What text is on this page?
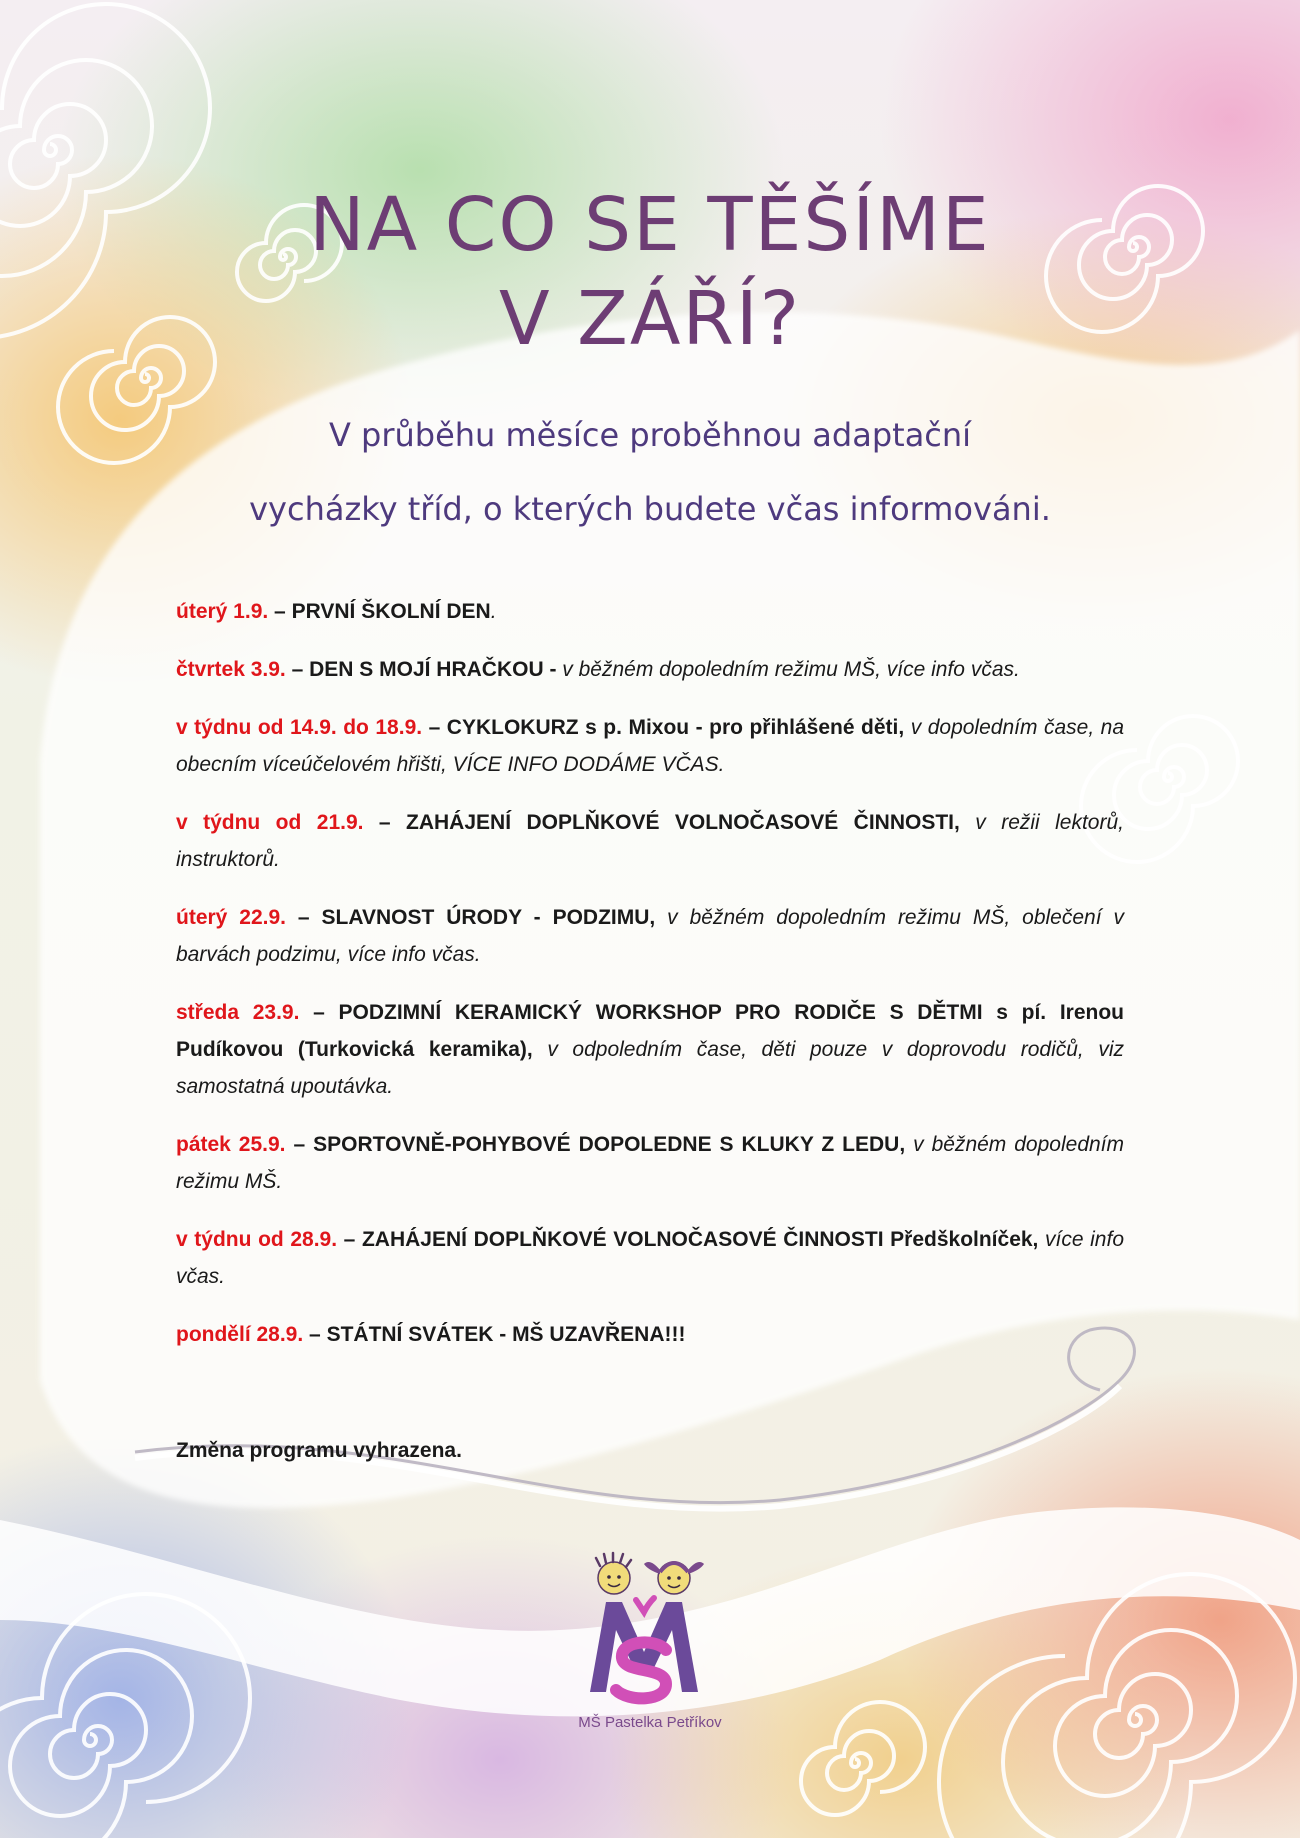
NA CO SE TĚŠÍME
V ZÁŘÍ?
V průběhu měsíce proběhnou adaptační
vycházky tříd, o kterých budete včas informováni.

úterý 1.9. – PRVNÍ ŠKOLNÍ DEN.

čtvrtek 3.9. – DEN S MOJÍ HRAČKOU - v běžném dopoledním režimu MŠ, více info včas.

v týdnu od 14.9. do 18.9. – CYKLOKURZ s p. Mixou - pro přihlášené děti, v dopoledním čase, na obecním víceúčelovém hřišti, VÍCE INFO DODÁME VČAS.

v týdnu od 21.9. – ZAHÁJENÍ DOPLŇKOVÉ VOLNOČASOVÉ ČINNOSTI, v režii lektorů, instruktorů.

úterý 22.9. – SLAVNOST ÚRODY - PODZIMU, v běžném dopoledním režimu MŠ, oblečení v barvách podzimu, více info včas.

středa 23.9. – PODZIMNÍ KERAMICKÝ WORKSHOP PRO RODIČE S DĚTMI s pí. Irenou Pudíkovou (Turkovická keramika), v odpoledním čase, děti pouze v doprovodu rodičů, viz samostatná upoutávka.

pátek 25.9. – SPORTOVNĚ-POHYBOVÉ DOPOLEDNE S KLUKY Z LEDU, v běžném dopoledním režimu MŠ.

v týdnu od 28.9. – ZAHÁJENÍ DOPLŇKOVÉ VOLNOČASOVÉ ČINNOSTI Předškolníček, více info včas.

pondělí 28.9. – STÁTNÍ SVÁTEK - MŠ UZAVŘENA!!!

Změna programu vyhrazena.
MŠ Pastelka Petříkov
